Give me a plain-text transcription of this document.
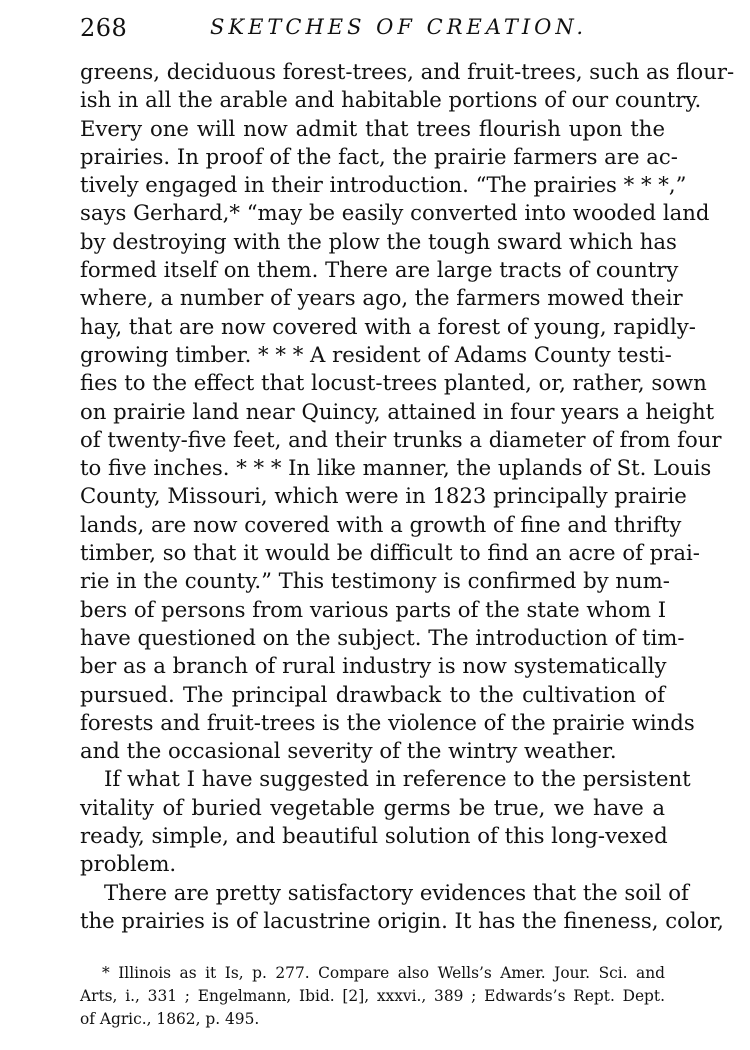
268	SKETCHES OF CREATION.
greens, deciduous forest-trees, and fruit-trees, such as flour-
ish in all the arable and habitable portions of our country.
Every one will now admit that trees flourish upon the
prairies. In proof of the fact, the prairie farmers are ac-
tively engaged in their introduction. “The prairies * * *,”
says Gerhard,* “may be easily converted into wooded land
by destroying with the plow the tough sward which has
formed itself on them. There are large tracts of country
where, a number of years ago, the farmers mowed their
hay, that are now covered with a forest of young, rapidly-
growing timber. * * * A resident of Adams County testi-
fies to the effect that locust-trees planted, or, rather, sown
on prairie land near Quincy, attained in four years a height
of twenty-five feet, and their trunks a diameter of from four
to five inches. * * * In like manner, the uplands of St. Louis
County, Missouri, which were in 1823 principally prairie
lands, are now covered with a growth of fine and thrifty
timber, so that it would be difficult to find an acre of prai-
rie in the county.” This testimony is confirmed by num-
bers of persons from various parts of the state whom I
have questioned on the subject. The introduction of tim-
ber as a branch of rural industry is now systematically
pursued. The principal drawback to the cultivation of
forests and fruit-trees is the violence of the prairie winds
and the occasional severity of the wintry weather.
If what I have suggested in reference to the persistent
vitality of buried vegetable germs be true, we have a
ready, simple, and beautiful solution of this long-vexed
problem.
There are pretty satisfactory evidences that the soil of
the prairies is of lacustrine origin. It has the fineness, color,
* Illinois as it Is, p. 277. Compare also Wells’s Amer. Jour. Sci. and
Arts, i., 331 ; Engelmann, Ibid. [2], xxxvi., 389 ; Edwards’s Rept. Dept.
of Agric., 1862, p. 495.
